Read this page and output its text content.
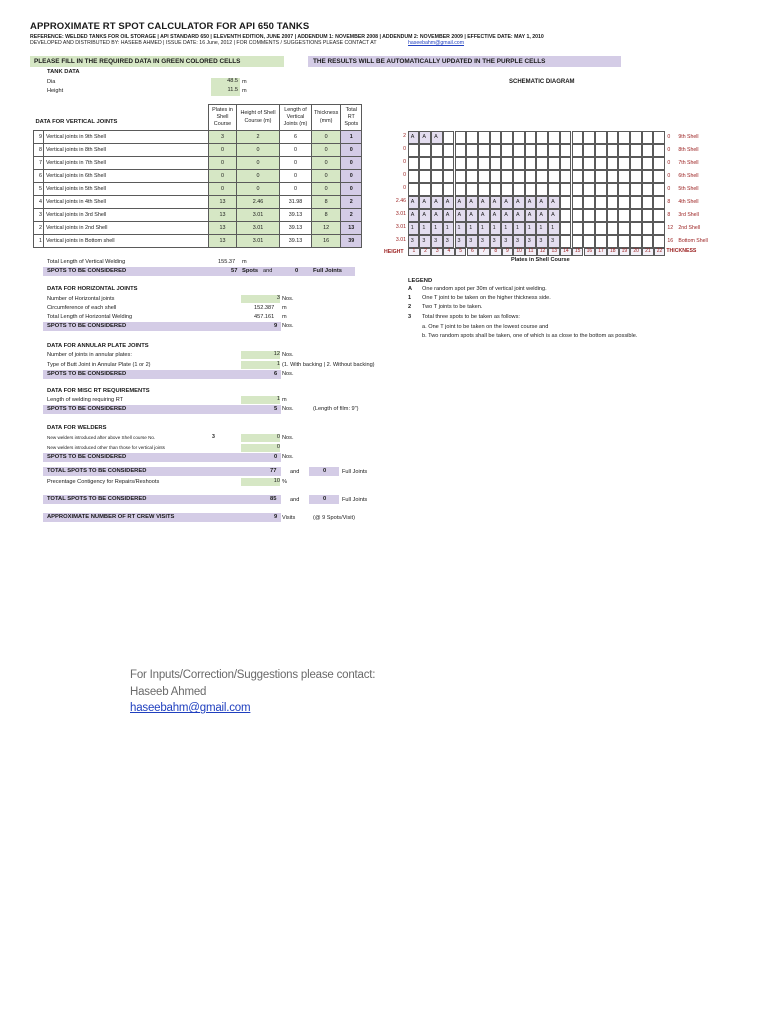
APPROXIMATE RT SPOT CALCULATOR FOR API 650 TANKS
REFERENCE: WELDED TANKS FOR OIL STORAGE | API STANDARD 650 | ELEVENTH EDITION, JUNE 2007 | ADDENDUM 1: NOVEMBER 2008 | ADDENDUM 2: NOVEMBER 2009 | EFFECTIVE DATE: MAY 1, 2010
DEVELOPED AND DISTRIBUTED BY: HASEEB AHMED | ISSUE DATE: 16 June, 2012 | FOR COMMENTS / SUGGESTIONS PLEASE CONTACT AT	haseebahm@gmail.com
PLEASE FILL IN THE REQUIRED DATA IN GREEN COLORED CELLS	THE RESULTS WILL BE AUTOMATICALLY UPDATED IN THE PURPLE CELLS
TANK DATA
Dia	48.5 m
Height	11.5 m
DATA FOR VERTICAL JOINTS		Plates in Shell Course	Height of Shell Course (m)	Length of Vertical Joints (m)	Thickness (mm)	Total RT Spots
9	Vertical joints in 9th Shell	3	2	6	0	1
8	Vertical joints in 8th Shell	0	0	0	0	0
7	Vertical joints in 7th Shell	0	0	0	0	0
6	Vertical joints in 6th Shell	0	0	0	0	0
5	Vertical joints in 5th Shell	0	0	0	0	0
4	Vertical joints in 4th Shell	13	2.46	31.98	8	2
3	Vertical joints in 3rd Shell	13	3.01	39.13	8	2
2	Vertical joints in 2nd Shell	13	3.01	39.13	12	13
1	Vertical joints in Bottom shell	13	3.01	39.13	16	39
Total Length of Vertical Welding	155.37 m
SPOTS TO BE CONSIDERED	57 Spots and	0	Full Joints
DATA FOR HORIZONTAL JOINTS
Number of Horizontal joints	3 Nos.
Circumference of each shell	152.387 m
Total Length of Horizontal Welding	457.161 m
SPOTS TO BE CONSIDERED	9 Nos.
DATA FOR ANNULAR PLATE JOINTS
Number of joints in annular plates:	12 Nos.
Type of Butt Joint in Annular Plate (1 or 2)	1 (1. With backing | 2. Without backing)
SPOTS TO BE CONSIDERED	6 Nos.
DATA FOR MISC RT REQUIREMENTS
Length of welding requiring RT	1 m
SPOTS TO BE CONSIDERED	5 Nos.	(Length of film: 9")
DATA FOR WELDERS
New welders introduced after above Shell course No.	3	0 Nos.
New welders introduced other than those for vertical joints	0
SPOTS TO BE CONSIDERED	0 Nos.
TOTAL SPOTS TO BE CONSIDERED	77 and	0	Full Joints
Precentage Contigency for Repairs/Reshoots	10 %
TOTAL SPOTS TO BE CONSIDERED	85 and	0	Full Joints
APPROXIMATE NUMBER OF RT CREW VISITS	9 Visits	(@ 9 Spots/Visit)
SCHEMATIC DIAGRAM
2 A	A	A	0 9th Shell
0	0 8th Shell
0	0 7th Shell
0	0 6th Shell
0	0 5th Shell
2.46 A	A	A	A	A	A	A	A	A	A	A	A	A	8 4th Shell
3.01 A	A	A	A	A	A	A	A	A	A	A	A	A	8 3rd Shell
3.01 1	1	1	1	1	1	1	1	1	1	1	1	1	12 2nd Shell
3.01 3	3	3	3	3	3	3	3	3	3	3	3	3	16 Bottom Shell
HEIGHT	1	2	3	4	5	6	7	8	9	10	11	12	13	14	15	16	17	18	19	20	21	22 THICKNESS
Plates in Shell Course
LEGEND
A One random spot per 30m of vertical joint welding.
1 One T joint to be taken on the higher thickness side.
2 Two T joints to be taken.
3 Total three spots to be taken as follows:
a. One T joint to be taken on the lowest course and
b. Two random spots shall be taken, one of which is as close to the bottom as possible.
For Inputs/Correction/Suggestions please contact:
Haseeb Ahmed
haseebahm@gmail.com
